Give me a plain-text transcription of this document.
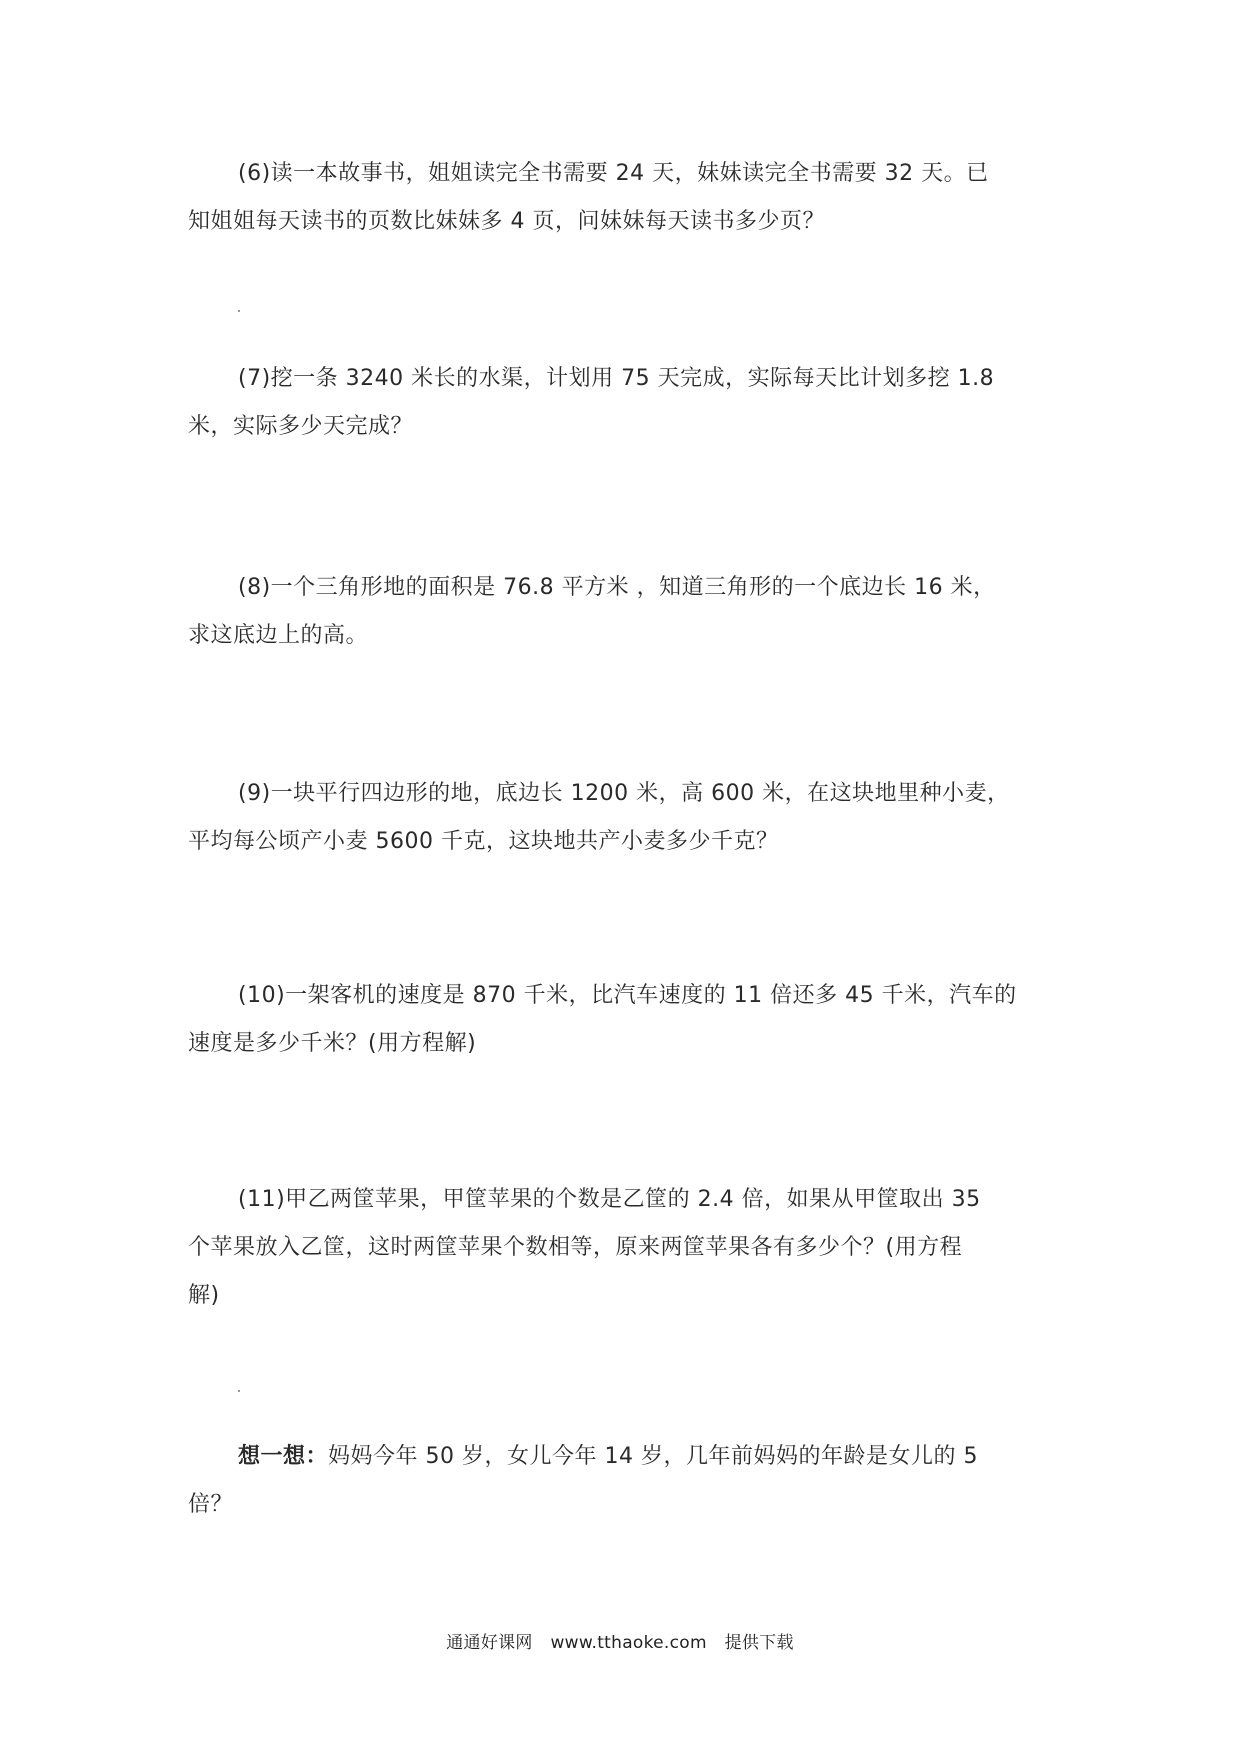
(6)读一本故事书，姐姐读完全书需要 24 天，妹妹读完全书需要 32 天。已
知姐姐每天读书的页数比妹妹多 4 页，问妹妹每天读书多少页？
(7)挖一条 3240 米长的水渠，计划用 75 天完成，实际每天比计划多挖 1.8
米，实际多少天完成？
(8)一个三角形地的面积是 76.8 平方米 ，知道三角形的一个底边长 16 米，
求这底边上的高。
(9)一块平行四边形的地，底边长 1200 米，高 600 米，在这块地里种小麦，
平均每公顷产小麦 5600 千克，这块地共产小麦多少千克？
(10)一架客机的速度是 870 千米，比汽车速度的 11 倍还多 45 千米，汽车的
速度是多少千米？(用方程解)
(11)甲乙两筐苹果，甲筐苹果的个数是乙筐的 2.4 倍，如果从甲筐取出 35
个苹果放入乙筐，这时两筐苹果个数相等，原来两筐苹果各有多少个？(用方程
解)
想一想：妈妈今年 50 岁，女儿今年 14 岁，几年前妈妈的年龄是女儿的 5
倍？
通通好课网 www.tthaoke.com 提供下载
